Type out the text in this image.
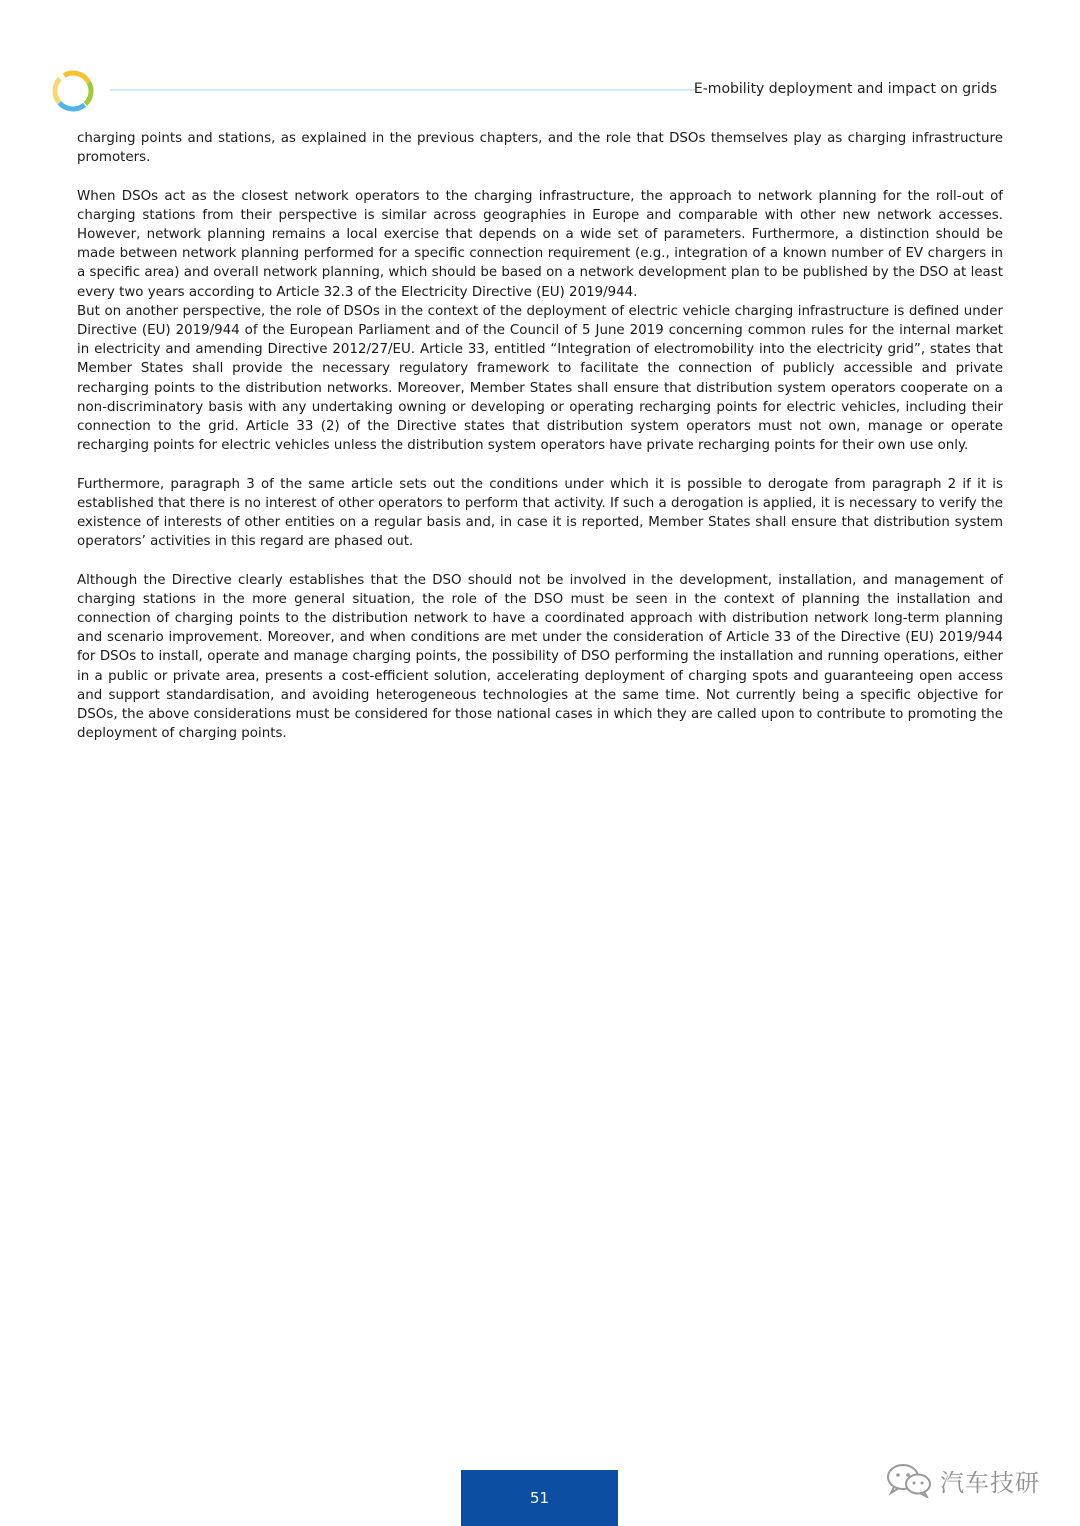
E-mobility deployment and impact on grids

charging points and stations, as explained in the previous chapters, and the role that DSOs themselves play as charging infrastructure promoters.

When DSOs act as the closest network operators to the charging infrastructure, the approach to network planning for the roll-out of charging stations from their perspective is similar across geographies in Europe and comparable with other new network accesses. However, network planning remains a local exercise that depends on a wide set of parameters. Furthermore, a distinction should be made between network planning performed for a specific connection requirement (e.g., integration of a known number of EV chargers in a specific area) and overall network planning, which should be based on a network development plan to be published by the DSO at least every two years according to Article 32.3 of the Electricity Directive (EU) 2019/944.

But on another perspective, the role of DSOs in the context of the deployment of electric vehicle charging infrastructure is defined under Directive (EU) 2019/944 of the European Parliament and of the Council of 5 June 2019 concerning common rules for the internal market in electricity and amending Directive 2012/27/EU. Article 33, entitled “Integration of electromobility into the electricity grid”, states that Member States shall provide the necessary regulatory framework to facilitate the connection of publicly accessible and private recharging points to the distribution networks. Moreover, Member States shall ensure that distribution system operators cooperate on a non-discriminatory basis with any undertaking owning or developing or operating recharging points for electric vehicles, including their connection to the grid. Article 33 (2) of the Directive states that distribution system operators must not own, manage or operate recharging points for electric vehicles unless the distribution system operators have private recharging points for their own use only.

Furthermore, paragraph 3 of the same article sets out the conditions under which it is possible to derogate from paragraph 2 if it is established that there is no interest of other operators to perform that activity. If such a derogation is applied, it is necessary to verify the existence of interests of other entities on a regular basis and, in case it is reported, Member States shall ensure that distribution system operators’ activities in this regard are phased out.

Although the Directive clearly establishes that the DSO should not be involved in the development, installation, and management of charging stations in the more general situation, the role of the DSO must be seen in the context of planning the installation and connection of charging points to the distribution network to have a coordinated approach with distribution network long-term planning and scenario improvement. Moreover, and when conditions are met under the consideration of Article 33 of the Directive (EU) 2019/944 for DSOs to install, operate and manage charging points, the possibility of DSO performing the installation and running operations, either in a public or private area, presents a cost-efficient solution, accelerating deployment of charging spots and guaranteeing open access and support standardisation, and avoiding heterogeneous technologies at the same time. Not currently being a specific objective for DSOs, the above considerations must be considered for those national cases in which they are called upon to contribute to promoting the deployment of charging points.

51
汽车技研
